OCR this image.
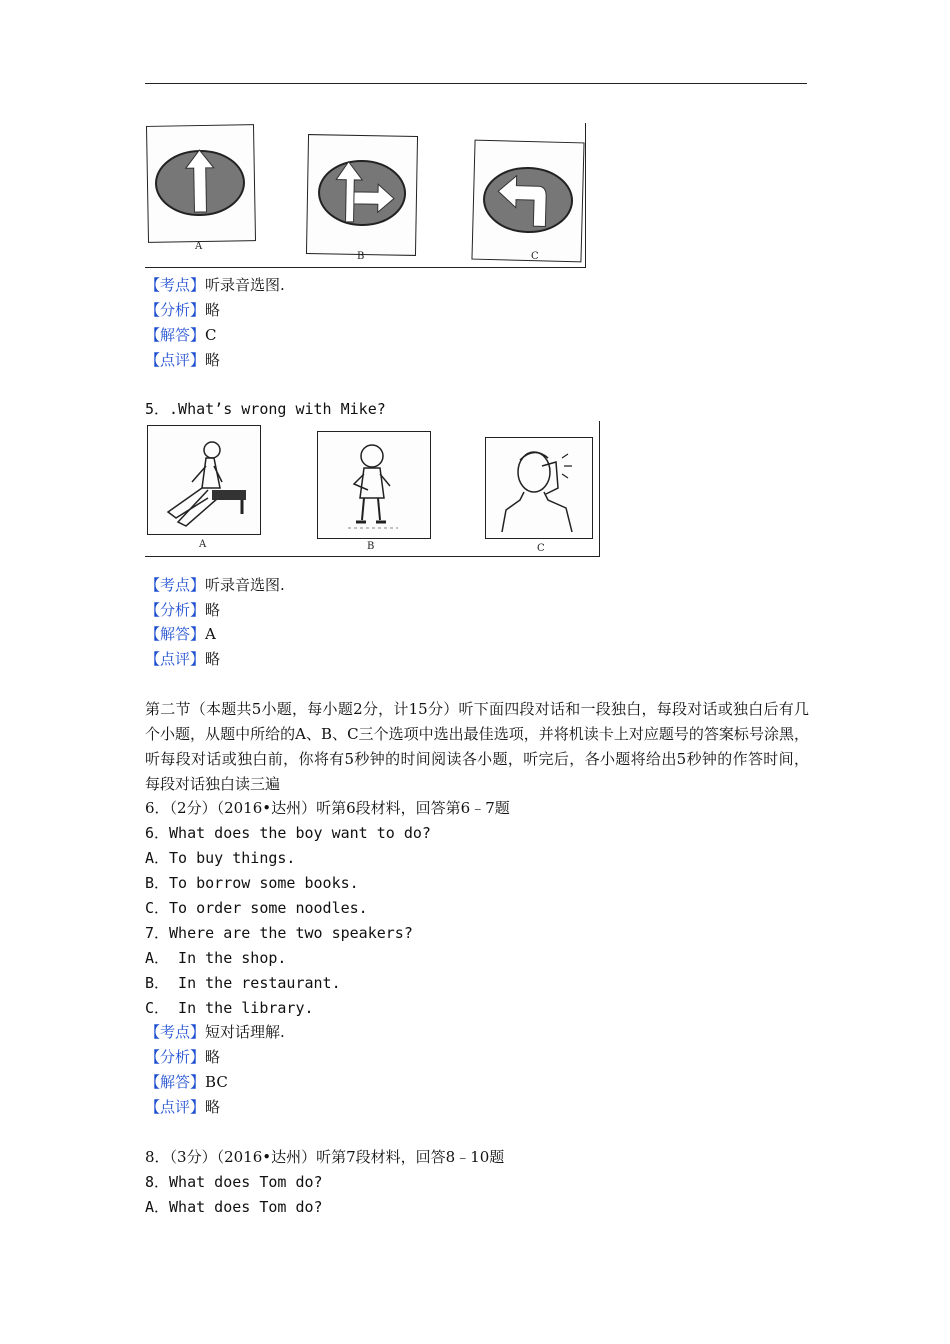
A
B	C
【考点】听录音选图.
【分析】略
【解答】C
【点评】略
5．.What’s wrong with Mike?
A	B	C
【考点】听录音选图.
【分析】略
【解答】A
【点评】略
第二节（本题共5小题，每小题2分，计15分）听下面四段对话和一段独白，每段对话或独白后有几个小题，从题中所给的A、B、C三个选项中选出最佳选项，并将机读卡上对应题号的答案标号涂黑，听每段对话或独白前，你将有5秒钟的时间阅读各小题，听完后，各小题将给出5秒钟的作答时间，每段对话独白读三遍
6．（2分）（2016•达州）听第6段材料，回答第6﹣7题
6．What does the boy want to do?
A．To buy things.
B．To borrow some books.
C．To order some noodles.
7．Where are the two speakers?
A． In the shop.
B． In the restaurant.
C． In the library.
【考点】短对话理解.
【分析】略
【解答】BC
【点评】略
8．（3分）（2016•达州）听第7段材料，回答8﹣10题
8．What does Tom do?
A．What does Tom do?
